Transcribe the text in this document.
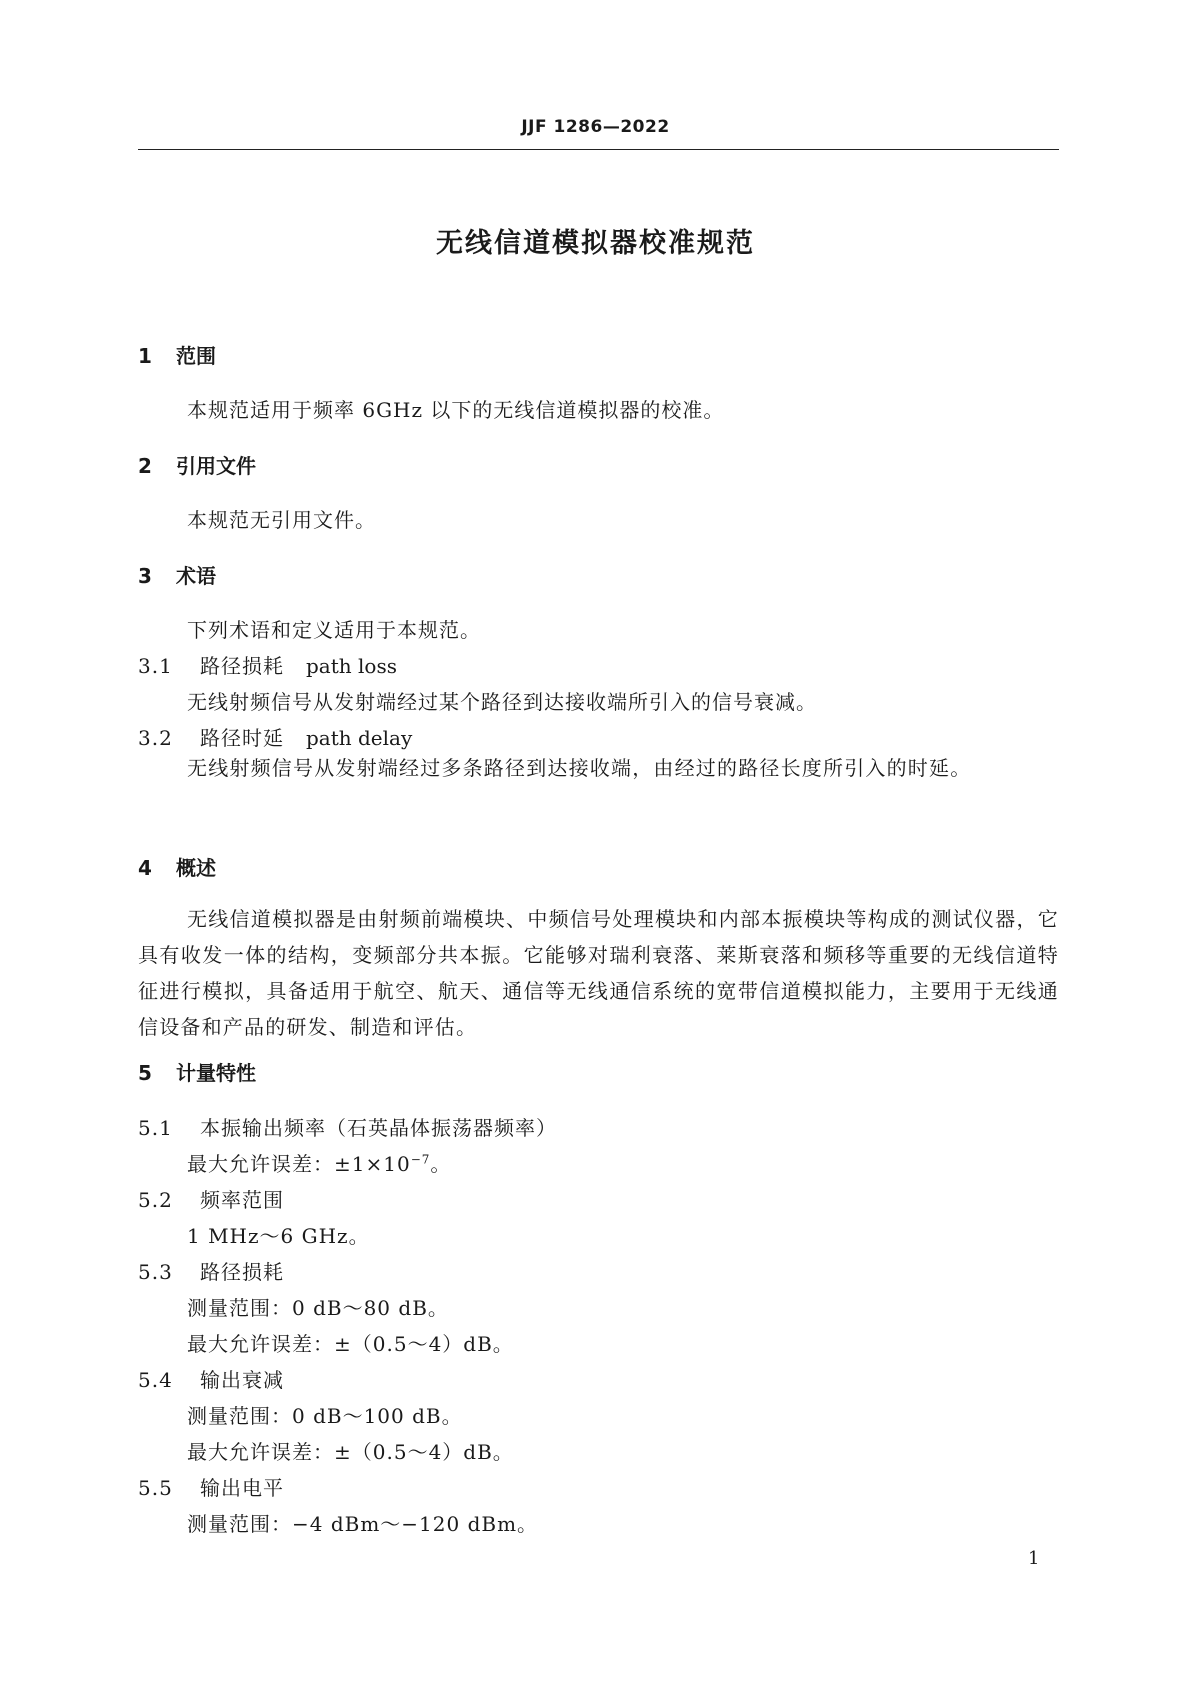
JJF 1286—2022
无线信道模拟器校准规范
1 范围
本规范适用于频率 6GHz 以下的无线信道模拟器的校准。
2 引用文件
本规范无引用文件。
3 术语
下列术语和定义适用于本规范。
3.1 路径损耗 path loss
无线射频信号从发射端经过某个路径到达接收端所引入的信号衰减。
3.2 路径时延 path delay
无线射频信号从发射端经过多条路径到达接收端，由经过的路径长度所引入的时延。
4 概述
无线信道模拟器是由射频前端模块、中频信号处理模块和内部本振模块等构成的测试仪器，它具有收发一体的结构，变频部分共本振。它能够对瑞利衰落、莱斯衰落和频移等重要的无线信道特征进行模拟，具备适用于航空、航天、通信等无线通信系统的宽带信道模拟能力，主要用于无线通信设备和产品的研发、制造和评估。
5 计量特性
5.1 本振输出频率（石英晶体振荡器频率）
最大允许误差：$\pm 1\times 10^{-7}$。
5.2 频率范围
1 MHz～6 GHz。
5.3 路径损耗
测量范围：0 dB～80 dB。
最大允许误差：±（0.5～4）dB。
5.4 输出衰减
测量范围：0 dB～100 dB。
最大允许误差：±（0.5～4）dB。
5.5 输出电平
测量范围：−4 dBm～−120 dBm。
1
